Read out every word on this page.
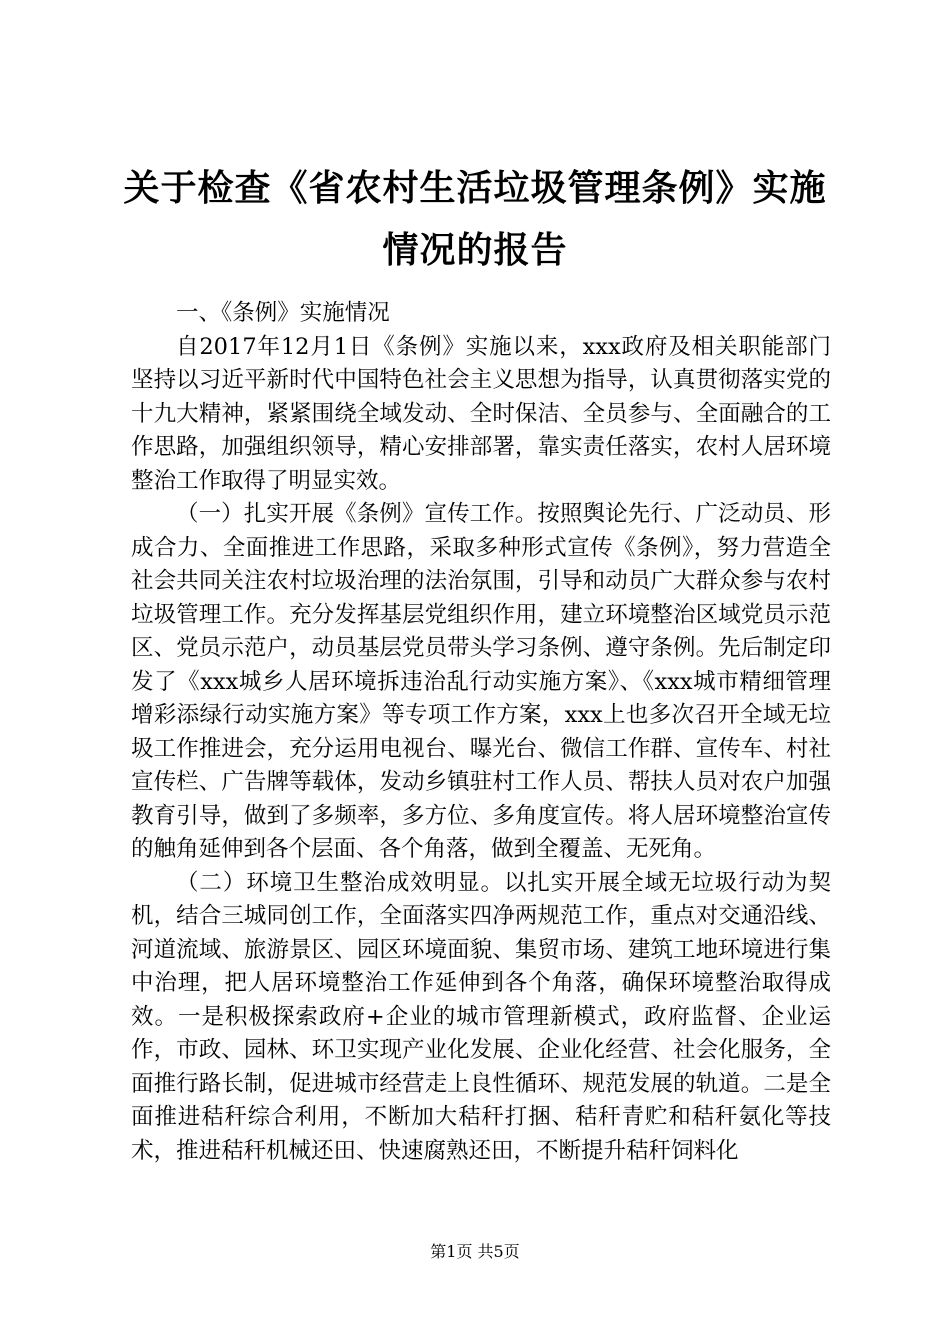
关于检查《省农村生活垃圾管理条例》实施情况的报告

一、《条例》实施情况

自2017年12月1日《条例》实施以来，xxx政府及相关职能部门坚持以习近平新时代中国特色社会主义思想为指导，认真贯彻落实党的十九大精神，紧紧围绕全域发动、全时保洁、全员参与、全面融合的工作思路，加强组织领导，精心安排部署，靠实责任落实，农村人居环境整治工作取得了明显实效。

（一）扎实开展《条例》宣传工作。按照舆论先行、广泛动员、形成合力、全面推进工作思路，采取多种形式宣传《条例》，努力营造全社会共同关注农村垃圾治理的法治氛围，引导和动员广大群众参与农村垃圾管理工作。充分发挥基层党组织作用，建立环境整治区域党员示范区、党员示范户，动员基层党员带头学习条例、遵守条例。先后制定印发了《xxx城乡人居环境拆违治乱行动实施方案》、《xxx城市精细管理增彩添绿行动实施方案》等专项工作方案，xxx上也多次召开全域无垃圾工作推进会，充分运用电视台、曝光台、微信工作群、宣传车、村社宣传栏、广告牌等载体，发动乡镇驻村工作人员、帮扶人员对农户加强教育引导，做到了多频率，多方位、多角度宣传。将人居环境整治宣传的触角延伸到各个层面、各个角落，做到全覆盖、无死角。

（二）环境卫生整治成效明显。以扎实开展全域无垃圾行动为契机，结合三城同创工作，全面落实四净两规范工作，重点对交通沿线、河道流域、旅游景区、园区环境面貌、集贸市场、建筑工地环境进行集中治理，把人居环境整治工作延伸到各个角落，确保环境整治取得成效。一是积极探索政府+企业的城市管理新模式，政府监督、企业运作，市政、园林、环卫实现产业化发展、企业化经营、社会化服务，全面推行路长制，促进城市经营走上良性循环、规范发展的轨道。二是全面推进秸秆综合利用，不断加大秸秆打捆、秸秆青贮和秸秆氨化等技术，推进秸秆机械还田、快速腐熟还田，不断提升秸秆饲料化

第1页 共5页
